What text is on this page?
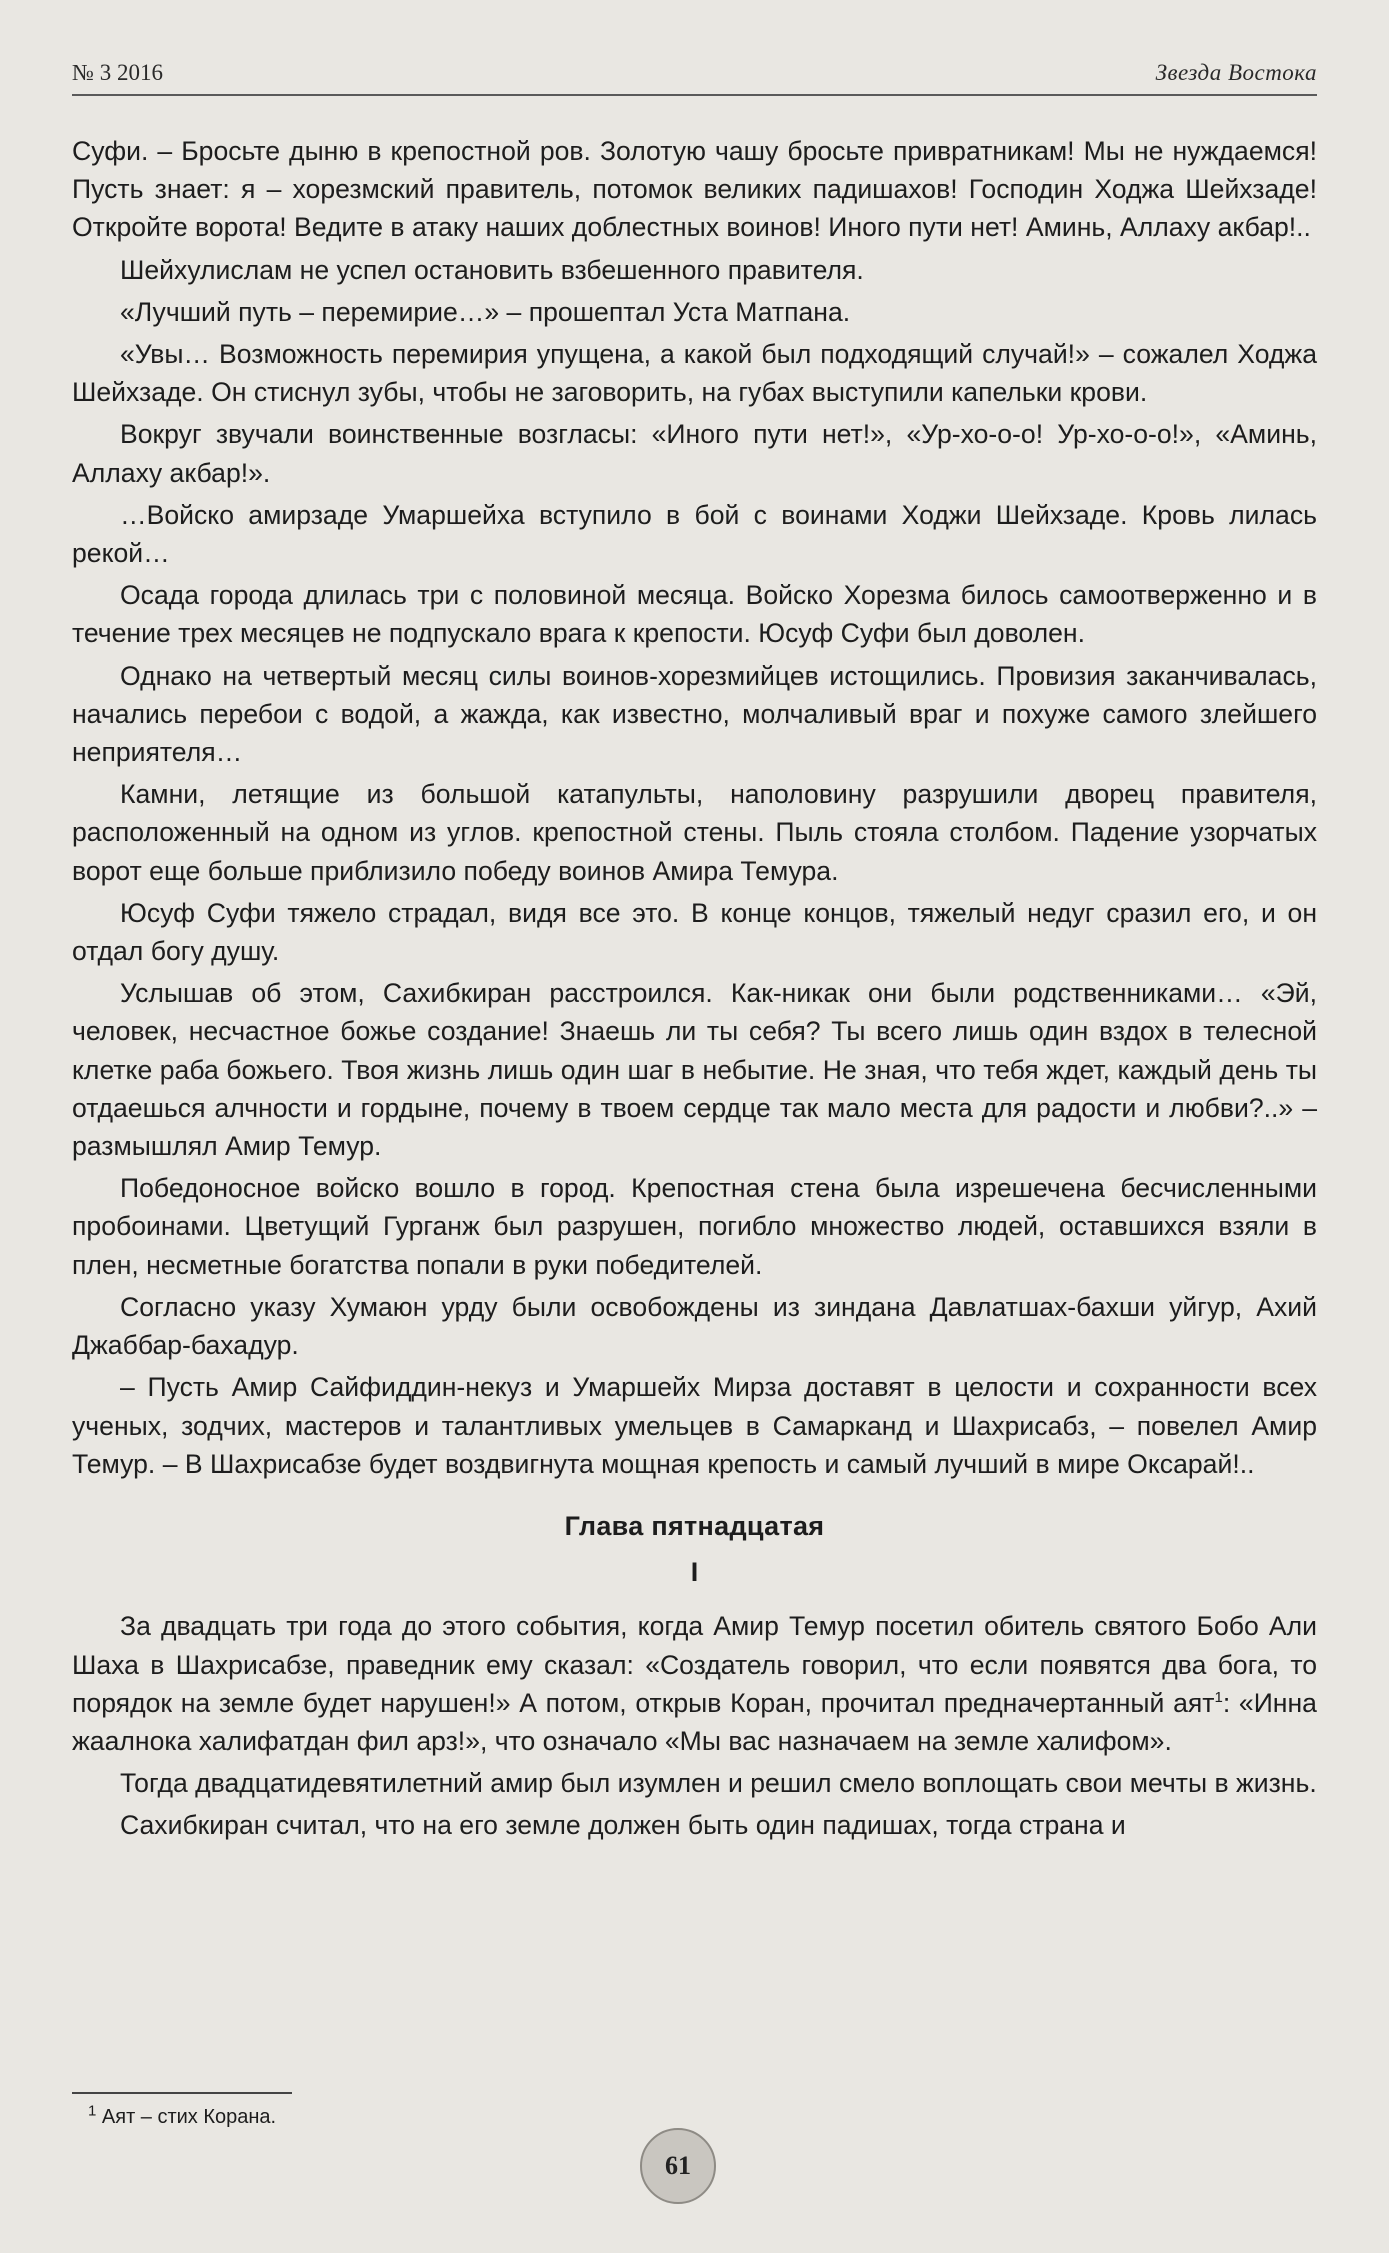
№ 3 2016	Звезда Востока

Суфи. – Бросьте дыню в крепостной ров. Золотую чашу бросьте привратникам! Мы не нуждаемся! Пусть знает: я – хорезмский правитель, потомок великих падишахов! Господин Ходжа Шейхзаде! Откройте ворота! Ведите в атаку наших доблестных воинов! Иного пути нет! Аминь, Аллаху акбар!..

Шейхулислам не успел остановить взбешенного правителя.

«Лучший путь – перемирие…» – прошептал Уста Матпана.

«Увы… Возможность перемирия упущена, а какой был подходящий случай!» – сожалел Ходжа Шейхзаде. Он стиснул зубы, чтобы не заговорить, на губах выступили капельки крови.

Вокруг звучали воинственные возгласы: «Иного пути нет!», «Ур-хо-о-о! Ур-хо-о-о!», «Аминь, Аллаху акбар!».

…Войско амирзаде Умаршейха вступило в бой с воинами Ходжи Шейхзаде. Кровь лилась рекой…

Осада города длилась три с половиной месяца. Войско Хорезма билось самоотверженно и в течение трех месяцев не подпускало врага к крепости. Юсуф Суфи был доволен.

Однако на четвертый месяц силы воинов-хорезмийцев истощились. Провизия заканчивалась, начались перебои с водой, а жажда, как известно, молчаливый враг и похуже самого злейшего неприятеля…

Камни, летящие из большой катапульты, наполовину разрушили дворец правителя, расположенный на одном из углов. крепостной стены. Пыль стояла столбом. Падение узорчатых ворот еще больше приблизило победу воинов Амира Темура.

Юсуф Суфи тяжело страдал, видя все это. В конце концов, тяжелый недуг сразил его, и он отдал богу душу.

Услышав об этом, Сахибкиран расстроился. Как-никак они были родственниками… «Эй, человек, несчастное божье создание! Знаешь ли ты себя? Ты всего лишь один вздох в телесной клетке раба божьего. Твоя жизнь лишь один шаг в небытие. Не зная, что тебя ждет, каждый день ты отдаешься алчности и гордыне, почему в твоем сердце так мало места для радости и любви?..» – размышлял Амир Темур.

Победоносное войско вошло в город. Крепостная стена была изрешечена бесчисленными пробоинами. Цветущий Гурганж был разрушен, погибло множество людей, оставшихся взяли в плен, несметные богатства попали в руки победителей.

Согласно указу Хумаюн урду были освобождены из зиндана Давлатшах-бахши уйгур, Ахий Джаббар-бахадур.

– Пусть Амир Сайфиддин-некуз и Умаршейх Мирза доставят в целости и сохранности всех ученых, зодчих, мастеров и талантливых умельцев в Самарканд и Шахрисабз, – повелел Амир Темур. – В Шахрисабзе будет воздвигнута мощная крепость и самый лучший в мире Оксарай!..

Глава пятнадцатая
I

За двадцать три года до этого события, когда Амир Темур посетил обитель святого Бобо Али Шаха в Шахрисабзе, праведник ему сказал: «Создатель говорил, что если появятся два бога, то порядок на земле будет нарушен!» А потом, открыв Коран, прочитал предначертанный аят$^1$: «Инна жаалнока халифатдан фил арз!», что означало «Мы вас назначаем на земле халифом».

Тогда двадцатидевятилетний амир был изумлен и решил смело воплощать свои мечты в жизнь.

Сахибкиран считал, что на его земле должен быть один падишах, тогда страна и

$^1$ Аят – стих Корана.
61
